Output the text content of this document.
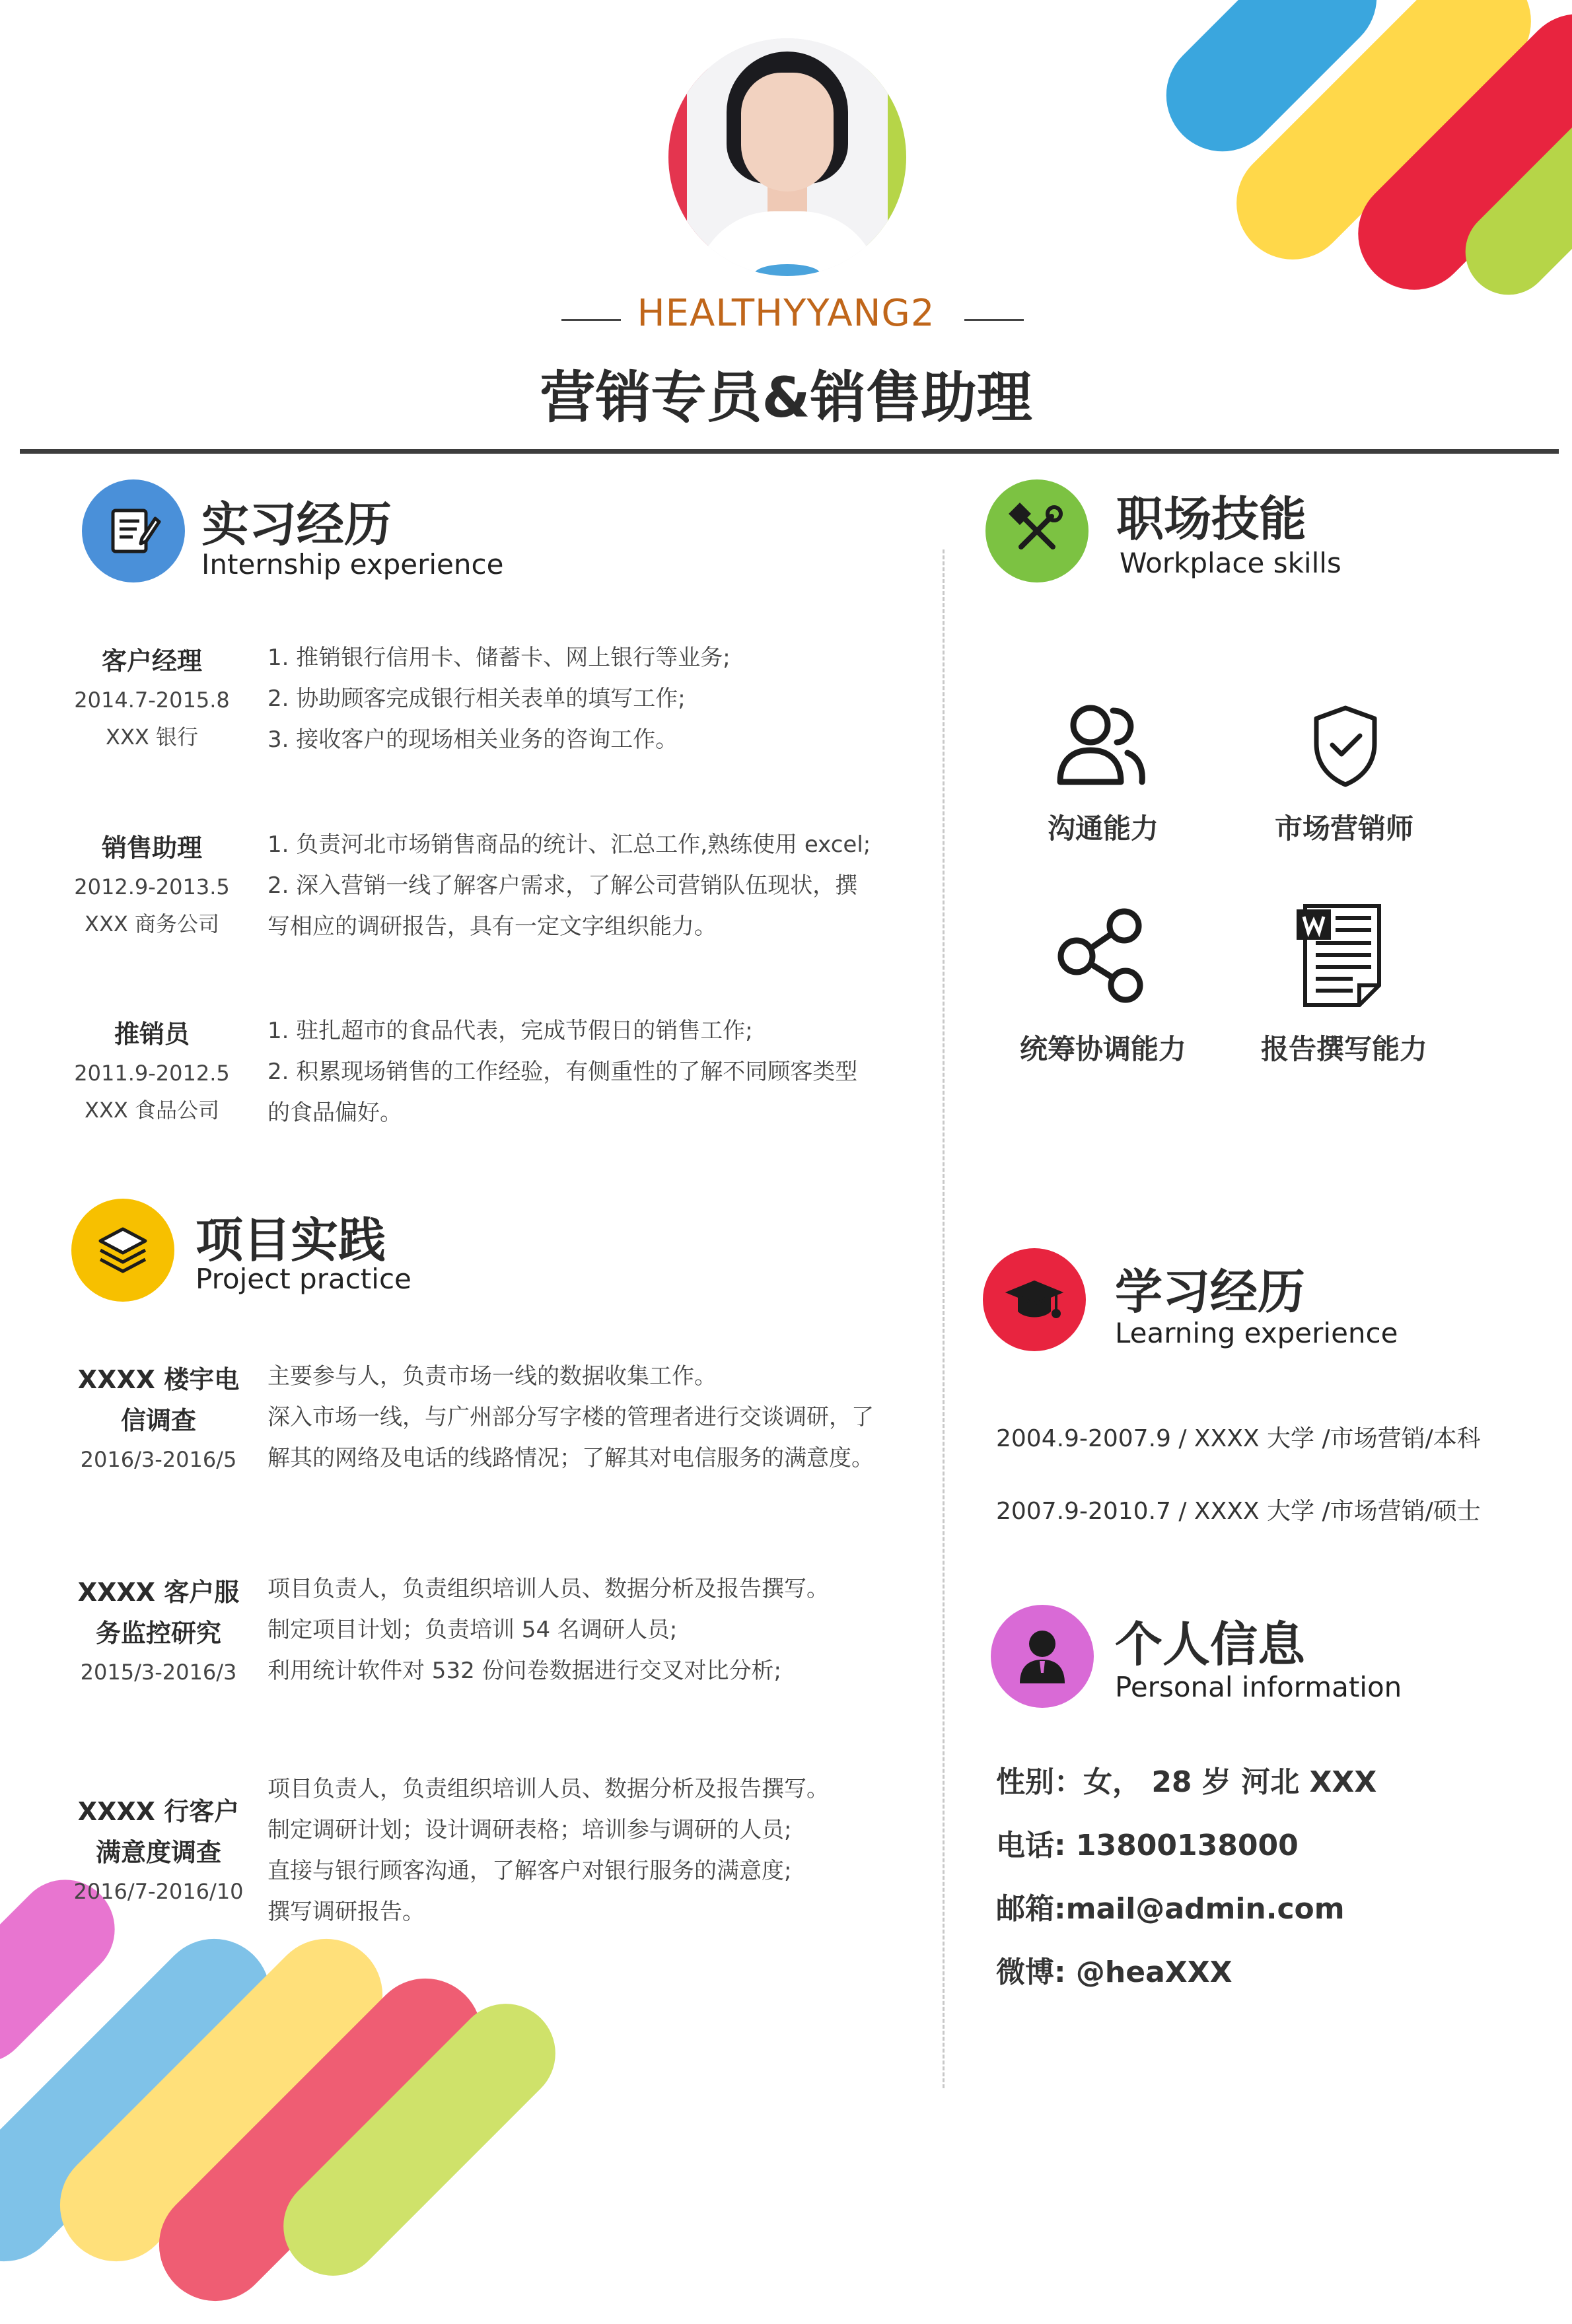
HEALTHYYANG2
营销专员&销售助理
实习经历
Internship experience
客户经理
2014.7-2015.8
XXX 银行
1. 推销银行信用卡、储蓄卡、网上银行等业务;
2. 协助顾客完成银行相关表单的填写工作;
3. 接收客户的现场相关业务的咨询工作。
销售助理
2012.9-2013.5
XXX 商务公司
1. 负责河北市场销售商品的统计、汇总工作,熟练使用 excel;
2. 深入营销一线了解客户需求，了解公司营销队伍现状，撰
写相应的调研报告，具有一定文字组织能力。
推销员
2011.9-2012.5
XXX 食品公司
1. 驻扎超市的食品代表，完成节假日的销售工作;
2. 积累现场销售的工作经验，有侧重性的了解不同顾客类型
的食品偏好。
项目实践
Project practice
XXXX 楼宇电
信调查
2016/3-2016/5
主要参与人，负责市场一线的数据收集工作。
深入市场一线，与广州部分写字楼的管理者进行交谈调研，了
解其的网络及电话的线路情况；了解其对电信服务的满意度。
XXXX 客户服
务监控研究
2015/3-2016/3
项目负责人，负责组织培训人员、数据分析及报告撰写。
制定项目计划；负责培训 54 名调研人员;
利用统计软件对 532 份问卷数据进行交叉对比分析;
XXXX 行客户
满意度调查
2016/7-2016/10
项目负责人，负责组织培训人员、数据分析及报告撰写。
制定调研计划；设计调研表格；培训参与调研的人员;
直接与银行顾客沟通，了解客户对银行服务的满意度;
撰写调研报告。
职场技能
Workplace skills
沟通能力	市场营销师
统筹协调能力	报告撰写能力
学习经历
Learning experience
2004.9-2007.9 / XXXX 大学 /市场营销/本科
2007.9-2010.7 / XXXX 大学 /市场营销/硕士
个人信息
Personal information
性别：女， 28 岁 河北 XXX
电话: 13800138000
邮箱:mail@admin.com
微博: @heaXXX
